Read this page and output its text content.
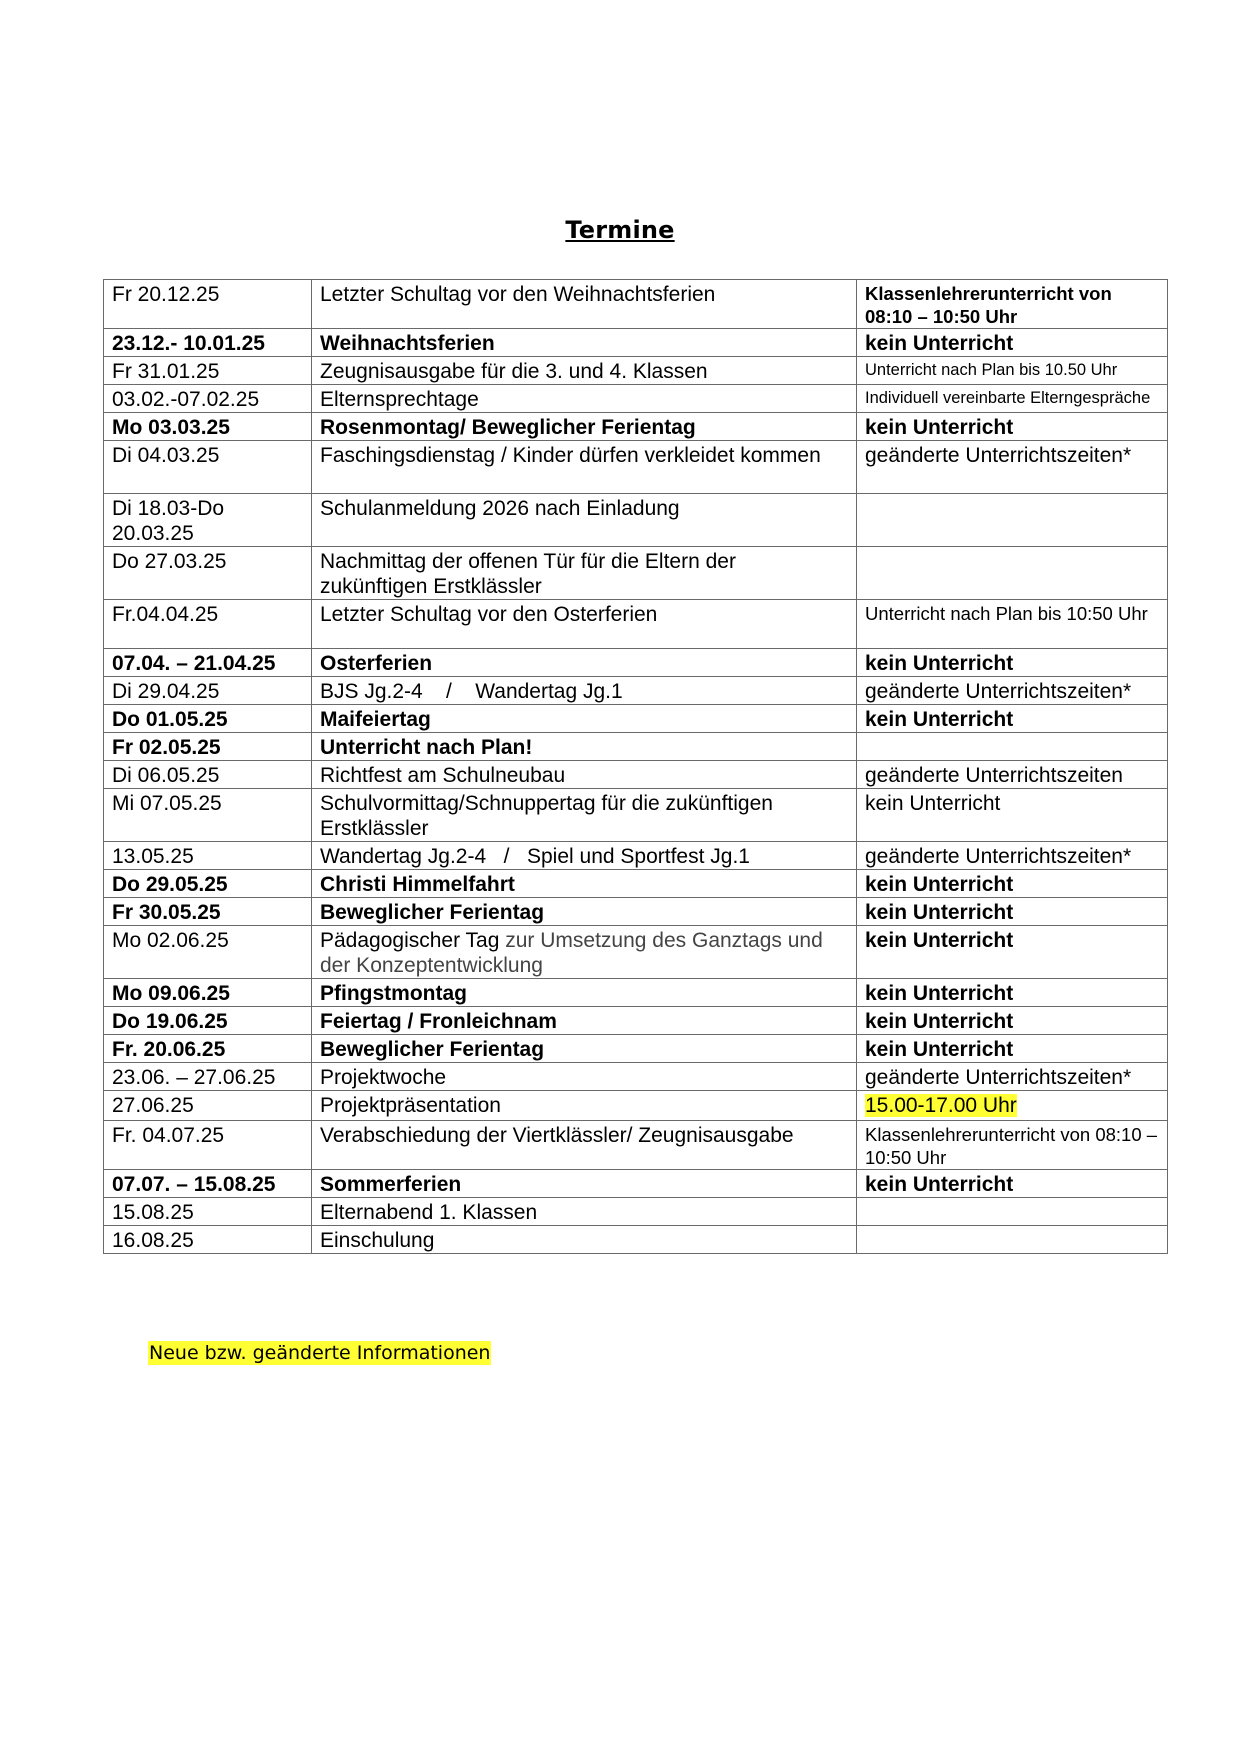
Termine
Fr 20.12.25	Letzter Schultag vor den Weihnachtsferien	Klassenlehrerunterricht von 08:10 – 10:50 Uhr
23.12.- 10.01.25	Weihnachtsferien	kein Unterricht
Fr 31.01.25	Zeugnisausgabe für die 3. und 4. Klassen	Unterricht nach Plan bis 10.50 Uhr
03.02.-07.02.25	Elternsprechtage	Individuell vereinbarte Elterngespräche
Mo 03.03.25	Rosenmontag/ Beweglicher Ferientag	kein Unterricht
Di 04.03.25	Faschingsdienstag / Kinder dürfen verkleidet kommen	geänderte Unterrichtszeiten*
Di 18.03-Do 20.03.25	Schulanmeldung 2026 nach Einladung	
Do 27.03.25	Nachmittag der offenen Tür für die Eltern der zukünftigen Erstklässler	
Fr.04.04.25	Letzter Schultag vor den Osterferien	Unterricht nach Plan bis 10:50 Uhr
07.04. – 21.04.25	Osterferien	kein Unterricht
Di 29.04.25	BJS Jg.2-4    /    Wandertag Jg.1	geänderte Unterrichtszeiten*
Do 01.05.25	Maifeiertag	kein Unterricht
Fr 02.05.25	Unterricht nach Plan!	
Di 06.05.25	Richtfest am Schulneubau	geänderte Unterrichtszeiten
Mi 07.05.25	Schulvormittag/Schnuppertag für die zukünftigen Erstklässler	kein Unterricht
13.05.25	Wandertag Jg.2-4   /   Spiel und Sportfest Jg.1	geänderte Unterrichtszeiten*
Do 29.05.25	Christi Himmelfahrt	kein Unterricht
Fr 30.05.25	Beweglicher Ferientag	kein Unterricht
Mo 02.06.25	Pädagogischer Tag zur Umsetzung des Ganztags und der Konzeptentwicklung	kein Unterricht
Mo 09.06.25	Pfingstmontag	kein Unterricht
Do 19.06.25	Feiertag / Fronleichnam	kein Unterricht
Fr. 20.06.25	Beweglicher Ferientag	kein Unterricht
23.06. – 27.06.25	Projektwoche	geänderte Unterrichtszeiten*
27.06.25	Projektpräsentation	15.00-17.00 Uhr
Fr. 04.07.25	Verabschiedung der Viertklässler/ Zeugnisausgabe	Klassenlehrerunterricht von 08:10 – 10:50 Uhr
07.07. – 15.08.25	Sommerferien	kein Unterricht
15.08.25	Elternabend 1. Klassen	
16.08.25	Einschulung	
Neue bzw. geänderte Informationen
